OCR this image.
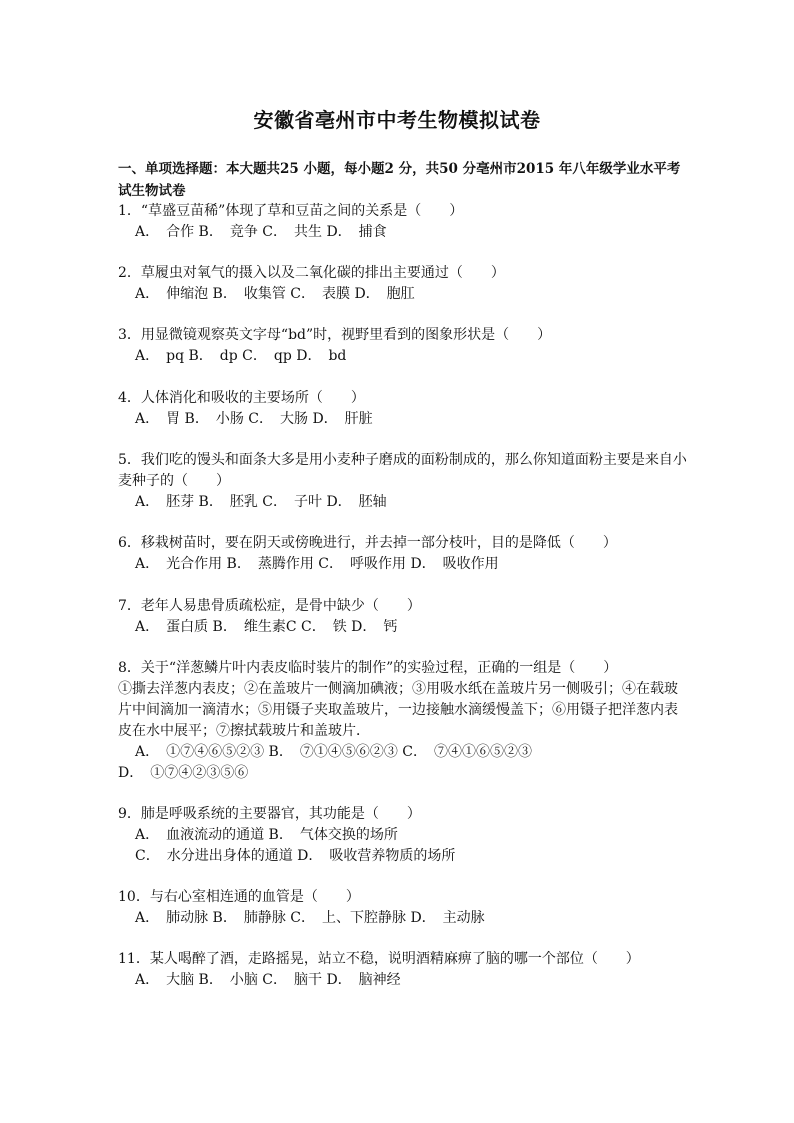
安徽省亳州市中考生物模拟试卷
一、单项选择题：本大题共25 小题，每小题2 分，共50 分亳州市2015 年八年级学业水平考试生物试卷
1．“草盛豆苗稀”体现了草和豆苗之间的关系是（　　）
A．　合作 B．　竞争 C．　共生 D．　捕食
2．草履虫对氧气的摄入以及二氧化碳的排出主要通过（　　）
A．　伸缩泡 B．　收集管 C．　表膜 D．　胞肛
3．用显微镜观察英文字母“bd”时，视野里看到的图象形状是（　　）
A．　pq B．　dp C．　qp D．　bd
4．人体消化和吸收的主要场所（　　）
A．　胃 B．　小肠 C．　大肠 D．　肝脏
5．我们吃的馒头和面条大多是用小麦种子磨成的面粉制成的，那么你知道面粉主要是来自小麦种子的（　　）
A．　胚芽 B．　胚乳 C．　子叶 D．　胚轴
6．移栽树苗时，要在阴天或傍晚进行，并去掉一部分枝叶，目的是降低（　　）
A．　光合作用 B．　蒸腾作用 C．　呼吸作用 D．　吸收作用
7．老年人易患骨质疏松症，是骨中缺少（　　）
A．　蛋白质 B．　维生素C C．　铁 D．　钙
8．关于“洋葱鳞片叶内表皮临时装片的制作”的实验过程，正确的一组是（　　）
①撕去洋葱内表皮；②在盖玻片一侧滴加碘液；③用吸水纸在盖玻片另一侧吸引；④在载玻片中间滴加一滴清水；⑤用镊子夹取盖玻片，一边接触水滴缓慢盖下；⑥用镊子把洋葱内表皮在水中展平；⑦擦拭载玻片和盖玻片．
A．　①⑦④⑥⑤②③ B．　⑦①④⑤⑥②③ C．　⑦④①⑥⑤②③
D．　①⑦④②③⑤⑥
9．肺是呼吸系统的主要器官，其功能是（　　）
A．　血液流动的通道 B．　气体交换的场所
C．　水分进出身体的通道 D．　吸收营养物质的场所
10．与右心室相连通的血管是（　　）
A．　肺动脉 B．　肺静脉 C．　上、下腔静脉 D．　主动脉
11．某人喝醉了酒，走路摇晃，站立不稳，说明酒精麻痹了脑的哪一个部位（　　）
A．　大脑 B．　小脑 C．　脑干 D．　脑神经
